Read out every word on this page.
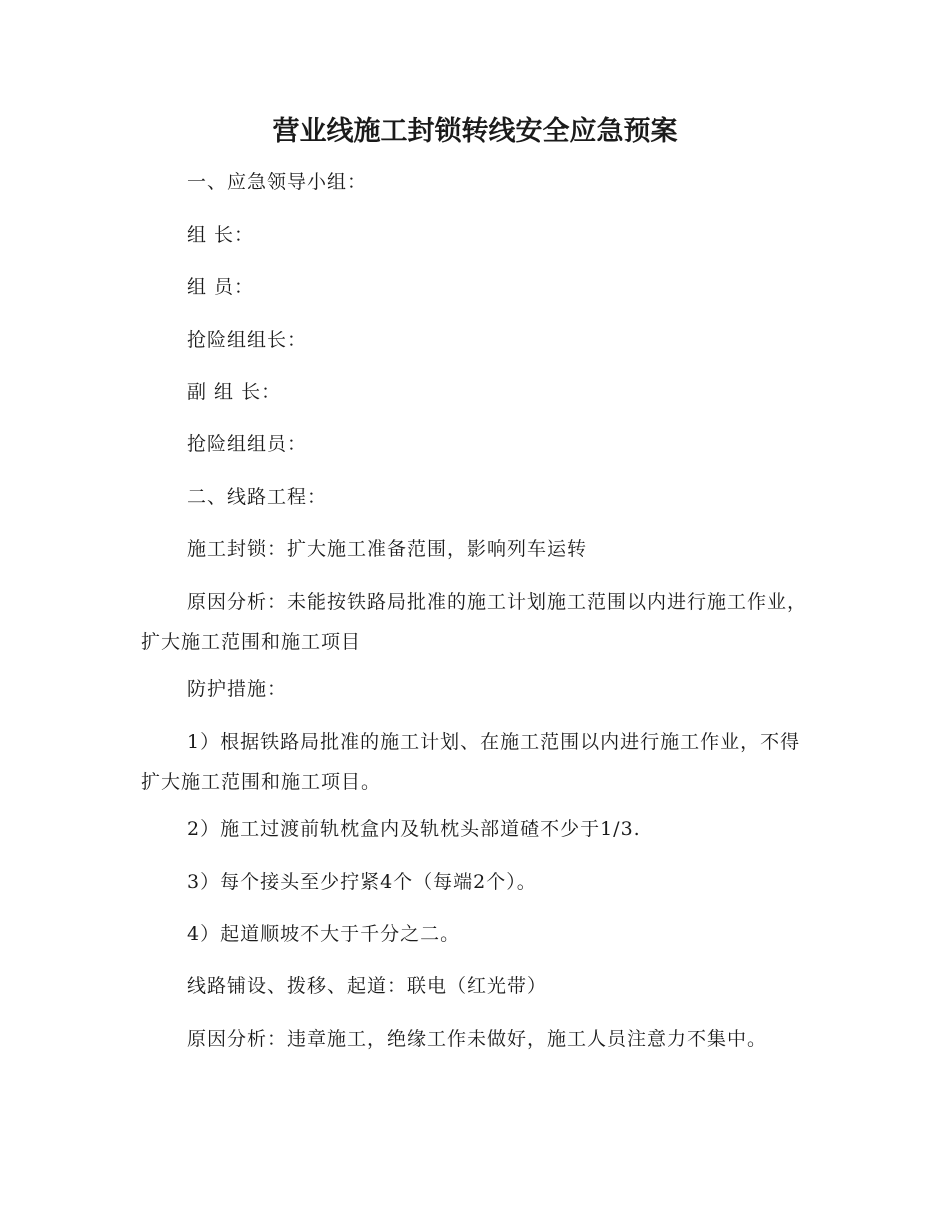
营业线施工封锁转线安全应急预案

一、应急领导小组：

组 长：

组 员：

抢险组组长：

副 组 长：

抢险组组员：

二、线路工程：

施工封锁：扩大施工准备范围，影响列车运转

原因分析：未能按铁路局批准的施工计划施工范围以内进行施工作业，扩大施工范围和施工项目

防护措施：

1）根据铁路局批准的施工计划、在施工范围以内进行施工作业，不得扩大施工范围和施工项目。

2）施工过渡前轨枕盒内及轨枕头部道碴不少于1/3.

3）每个接头至少拧紧4个（每端2个）。

4）起道顺坡不大于千分之二。

线路铺设、拨移、起道：联电（红光带）

原因分析：违章施工，绝缘工作未做好，施工人员注意力不集中。
